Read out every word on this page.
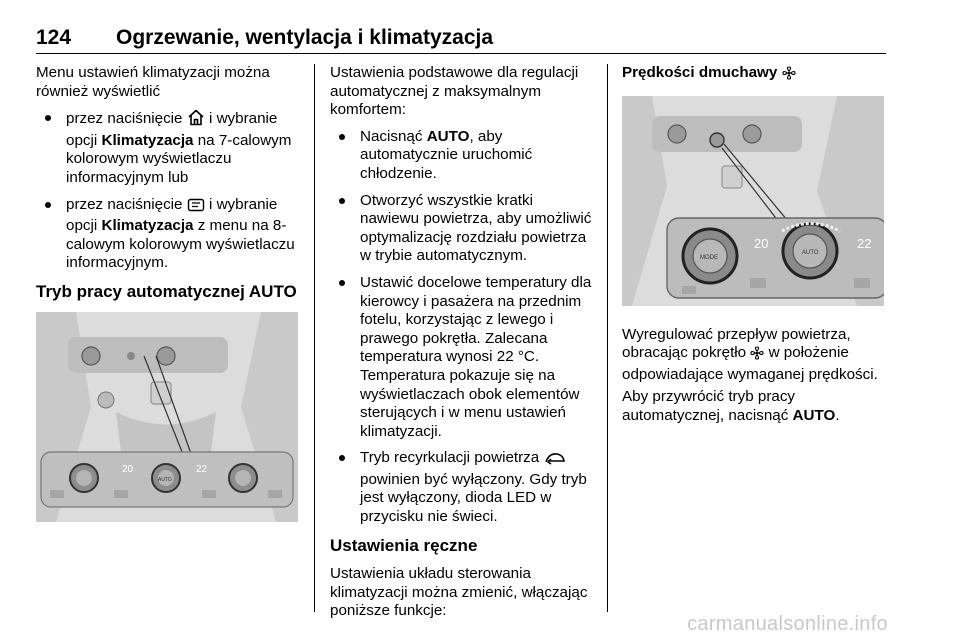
124 Ogrzewanie, wentylacja i klimatyzacja

Menu ustawień klimatyzacji można również wyświetlić

przez naciśnięcie i wybranie opcji Klimatyzacja na 7-calowym kolorowym wyświetlaczu informacyjnym lub
przez naciśnięcie i wybranie opcji Klimatyzacja z menu na 8-calowym kolorowym wyświetlaczu informacyjnym.
Tryb pracy automatycznej AUTO
20	22
AUTO

Ustawienia podstawowe dla regulacji automatycznej z maksymalnym komfortem:

Nacisnąć AUTO, aby automatycznie uruchomić chłodzenie.
Otworzyć wszystkie kratki nawiewu powietrza, aby umożliwić optymalizację rozdziału powietrza w trybie automatycznym.
Ustawić docelowe temperatury dla kierowcy i pasażera na przednim fotelu, korzystając z lewego i prawego pokrętła. Zalecana temperatura wynosi 22 °C. Temperatura pokazuje się na wyświetlaczach obok elementów sterujących i w menu ustawień klimatyzacji.
Tryb recyrkulacji powietrza  powinien być wyłączony. Gdy tryb jest wyłączony, dioda LED w przycisku nie świeci.
Ustawienia ręczne

Ustawienia układu sterowania klimatyzacji można zmienić, włączając poniższe funkcje:

Prędkości dmuchawy
20	22
MODE
AUTO

Wyregulować przepływ powietrza, obracając pokrętło w położenie odpowiadające wymaganej prędkości.

Aby przywrócić tryb pracy automatycznej, nacisnąć AUTO.

carmanualsonline.info
